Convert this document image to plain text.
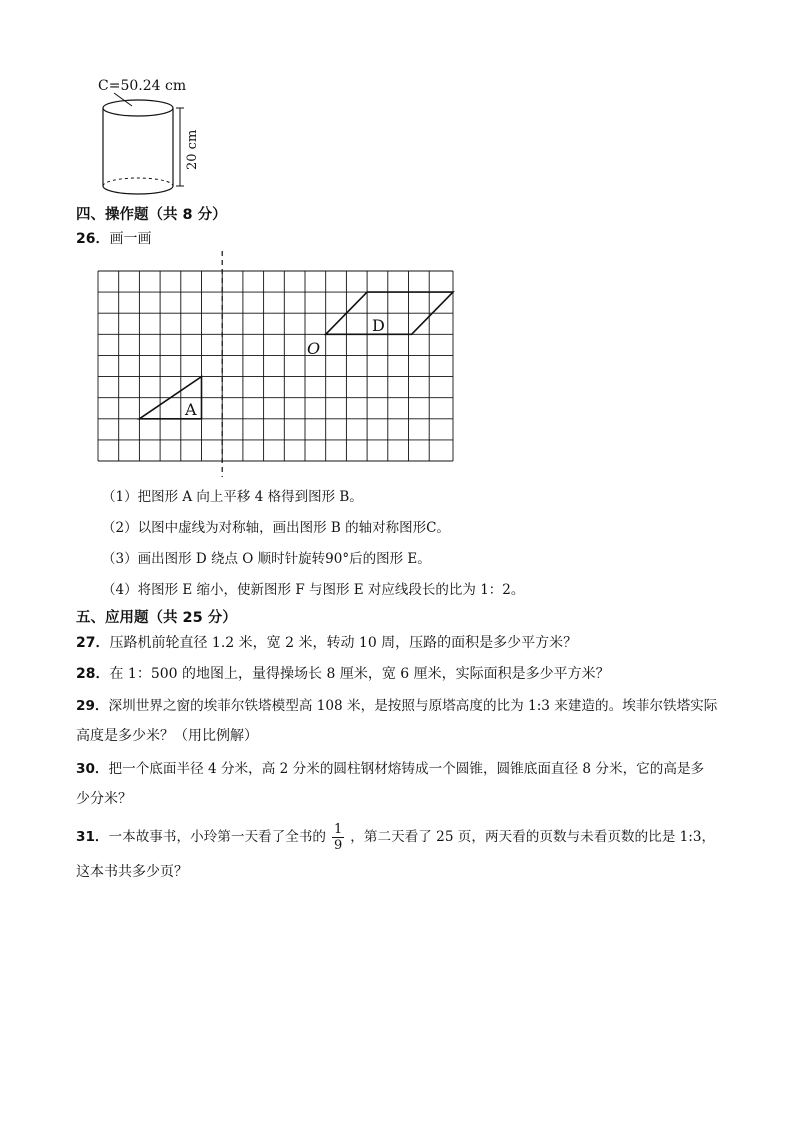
C=50.24 cm
20 cm
四、操作题（共 8 分）
26．画一画
D
O
A
（1）把图形 A 向上平移 4 格得到图形 B。
（2）以图中虚线为对称轴，画出图形 B 的轴对称图形C。
（3）画出图形 D 绕点 O 顺时针旋转90°后的图形 E。
（4）将图形 E 缩小，使新图形 F 与图形 E 对应线段长的比为 1：2。
五、应用题（共 25 分）
27．压路机前轮直径 1.2 米，宽 2 米，转动 10 周，压路的面积是多少平方米？
28．在 1：500 的地图上，量得操场长 8 厘米，宽 6 厘米，实际面积是多少平方米？
29．深圳世界之窗的埃菲尔铁塔模型高 108 米，是按照与原塔高度的比为 1:3 来建造的。埃菲尔铁塔实际
高度是多少米？（用比例解）
30．把一个底面半径 4 分米，高 2 分米的圆柱钢材熔铸成一个圆锥，圆锥底面直径 8 分米，它的高是多
少分米？
31．一本故事书，小玲第一天看了全书的 $\frac{1}{9}$ ，第二天看了 25 页，两天看的页数与未看页数的比是 1:3，
这本书共多少页？
